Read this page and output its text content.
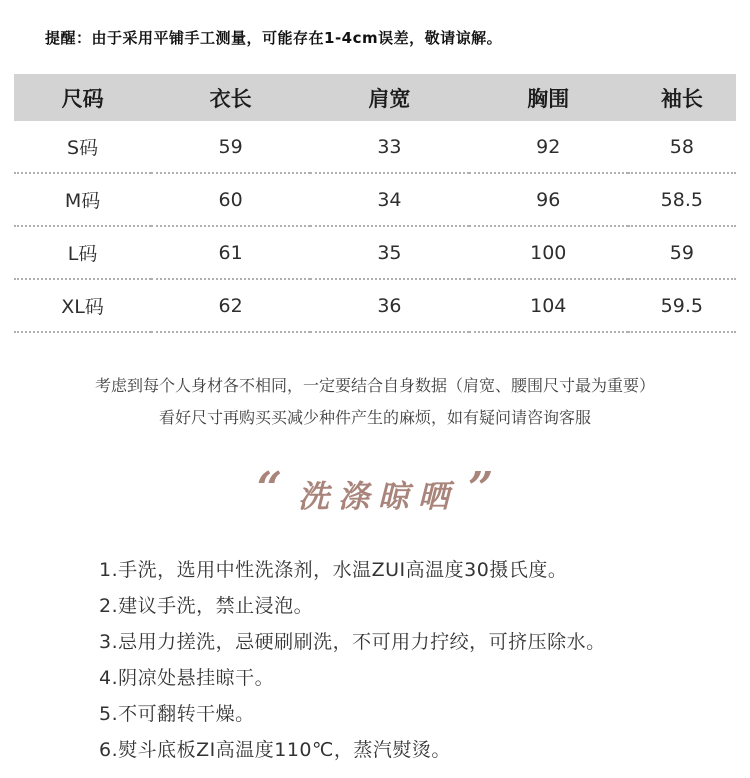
提醒：由于采用平铺手工测量，可能存在1-4cm误差，敬请谅解。

尺码	衣长	肩宽	胸围	袖长
S码	59	33	92	58
M码	60	34	96	58.5
L码	61	35	100	59
XL码	62	36	104	59.5

考虑到每个人身材各不相同，一定要结合自身数据（肩宽、腰围尺寸最为重要）

看好尺寸再购买买减少种件产生的麻烦，如有疑问请咨询客服

“ 洗涤晾晒 ”
1.手洗，选用中性洗涤剂，水温ZUI高温度30摄氏度。
2.建议手洗，禁止浸泡。
3.忌用力搓洗，忌硬刷刷洗，不可用力拧绞，可挤压除水。
4.阴凉处悬挂晾干。
5.不可翻转干燥。
6.熨斗底板ZI高温度110℃，蒸汽熨烫。
